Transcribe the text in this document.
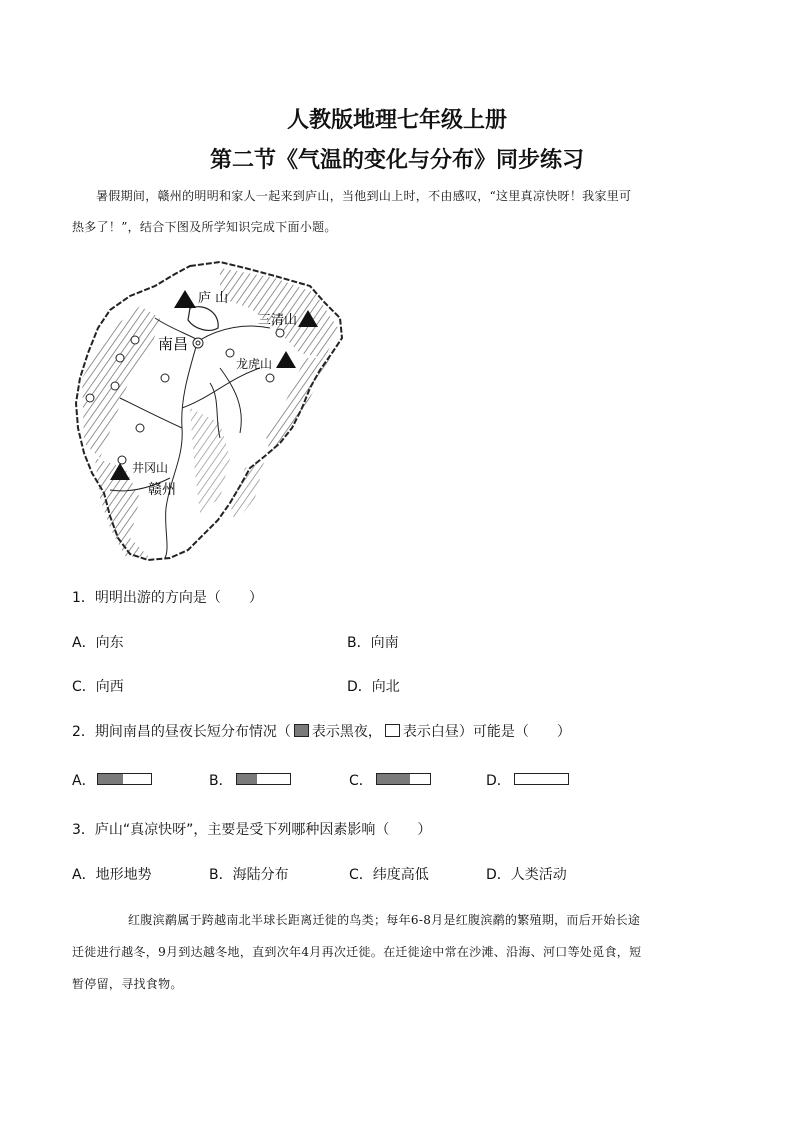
人教版地理七年级上册
第二节《气温的变化与分布》同步练习
暑假期间，赣州的明明和家人一起来到庐山，当他到山上时，不由感叹，“这里真凉快呀！我家里可
热多了！”，结合下图及所学知识完成下面小题。
庐 山
三清山
南昌
龙虎山
井冈山
赣州
1．明明出游的方向是（　　）
A．向东	B．向南
C．向西	D．向北
2．期间南昌的昼夜长短分布情况（ 表示黑夜， 表示白昼）可能是（　　）
A．	B．	C．	D．
3．庐山“真凉快呀”，主要是受下列哪种因素影响（　　）
A．地形地势	B．海陆分布	C．纬度高低	D．人类活动
红腹滨鹬属于跨越南北半球长距离迁徙的鸟类；每年6-8月是红腹滨鹬的繁殖期，而后开始长途
迁徙进行越冬，9月到达越冬地，直到次年4月再次迁徙。在迁徙途中常在沙滩、沿海、河口等处觅食，短
暂停留，寻找食物。
